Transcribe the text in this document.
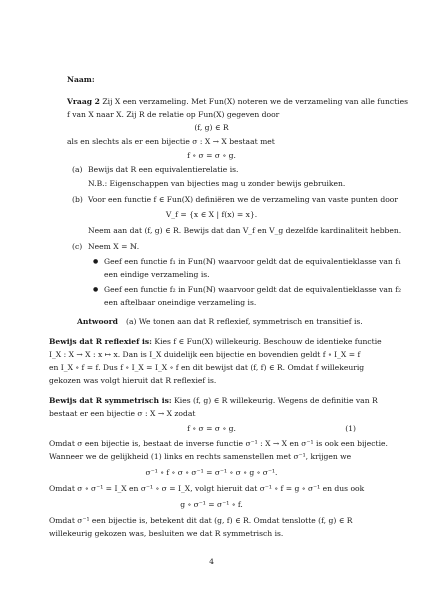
Naam:
Vraag 2 Zij X een verzameling. Met Fun(X) noteren we de verzameling van alle functies
f van X naar X. Zij R de relatie op Fun(X) gegeven door
(f, g) ∈ R
als en slechts als er een bijectie σ : X → X bestaat met
f ∘ σ = σ ∘ g.
(a) Bewijs dat R een equivalentierelatie is.
N.B.: Eigenschappen van bijecties mag u zonder bewijs gebruiken.
(b) Voor een functie f ∈ Fun(X) definiëren we de verzameling van vaste punten door
V_f = {x ∈ X | f(x) = x}.
Neem aan dat (f, g) ∈ R. Bewijs dat dan V_f en V_g dezelfde kardinaliteit hebben.
(c) Neem X = ℕ.
● Geef een functie f₁ in Fun(ℕ) waarvoor geldt dat de equivalentieklasse van f₁
een eindige verzameling is.
● Geef een functie f₂ in Fun(ℕ) waarvoor geldt dat de equivalentieklasse van f₂
een aftelbaar oneindige verzameling is.
Antwoord	(a) We tonen aan dat R reflexief, symmetrisch en transitief is.
Bewijs dat R reflexief is: Kies f ∈ Fun(X) willekeurig. Beschouw de identieke functie
I_X : X → X : x ↦ x. Dan is I_X duidelijk een bijectie en bovendien geldt f ∘ I_X = f
en I_X ∘ f = f. Dus f ∘ I_X = I_X ∘ f en dit bewijst dat (f, f) ∈ R. Omdat f willekeurig
gekozen was volgt hieruit dat R reflexief is.
Bewijs dat R symmetrisch is: Kies (f, g) ∈ R willekeurig. Wegens de definitie van R
bestaat er een bijectie σ : X → X zodat
f ∘ σ = σ ∘ g.	(1)
Omdat σ een bijectie is, bestaat de inverse functie σ⁻¹ : X → X en σ⁻¹ is ook een bijectie.
Wanneer we de gelijkheid (1) links en rechts samenstellen met σ⁻¹, krijgen we
σ⁻¹ ∘ f ∘ σ ∘ σ⁻¹ = σ⁻¹ ∘ σ ∘ g ∘ σ⁻¹.
Omdat σ ∘ σ⁻¹ = I_X en σ⁻¹ ∘ σ = I_X, volgt hieruit dat σ⁻¹ ∘ f = g ∘ σ⁻¹ en dus ook
g ∘ σ⁻¹ = σ⁻¹ ∘ f.
Omdat σ⁻¹ een bijectie is, betekent dit dat (g, f) ∈ R. Omdat tenslotte (f, g) ∈ R
willekeurig gekozen was, besluiten we dat R symmetrisch is.
4
